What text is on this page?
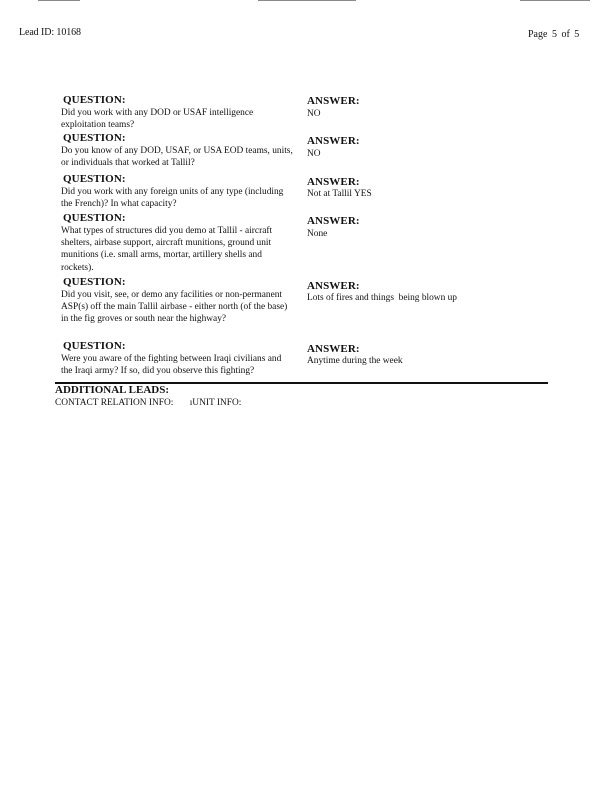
Lead ID: 10168	Page 5 of 5
QUESTION:
Did you work with any DOD or USAF intelligence exploitation teams?
ANSWER:
NO
QUESTION:
Do you know of any DOD, USAF, or USA EOD teams, units, or individuals that worked at Tallil?
ANSWER:
NO
QUESTION:
Did you work with any foreign units of any type (including the French)? In what capacity?
ANSWER:
Not at Tallil YES
QUESTION:
What types of structures did you demo at Tallil - aircraft shelters, airbase support, aircraft munitions, ground unit munitions (i.e. small arms, mortar, artillery shells and rockets).
ANSWER:
None
QUESTION:
Did you visit, see, or demo any facilities or non-permanent ASP(s) off the main Tallil airbase - either north (of the base) in the fig groves or south near the highway?
ANSWER:
Lots of fires and things  being blown up
QUESTION:
Were you aware of the fighting between Iraqi civilians and the Iraqi army? If so, did you observe this fighting?
ANSWER:
Anytime during the week
ADDITIONAL LEADS:
CONTACT RELATION INFO: ıUNIT INFO:
